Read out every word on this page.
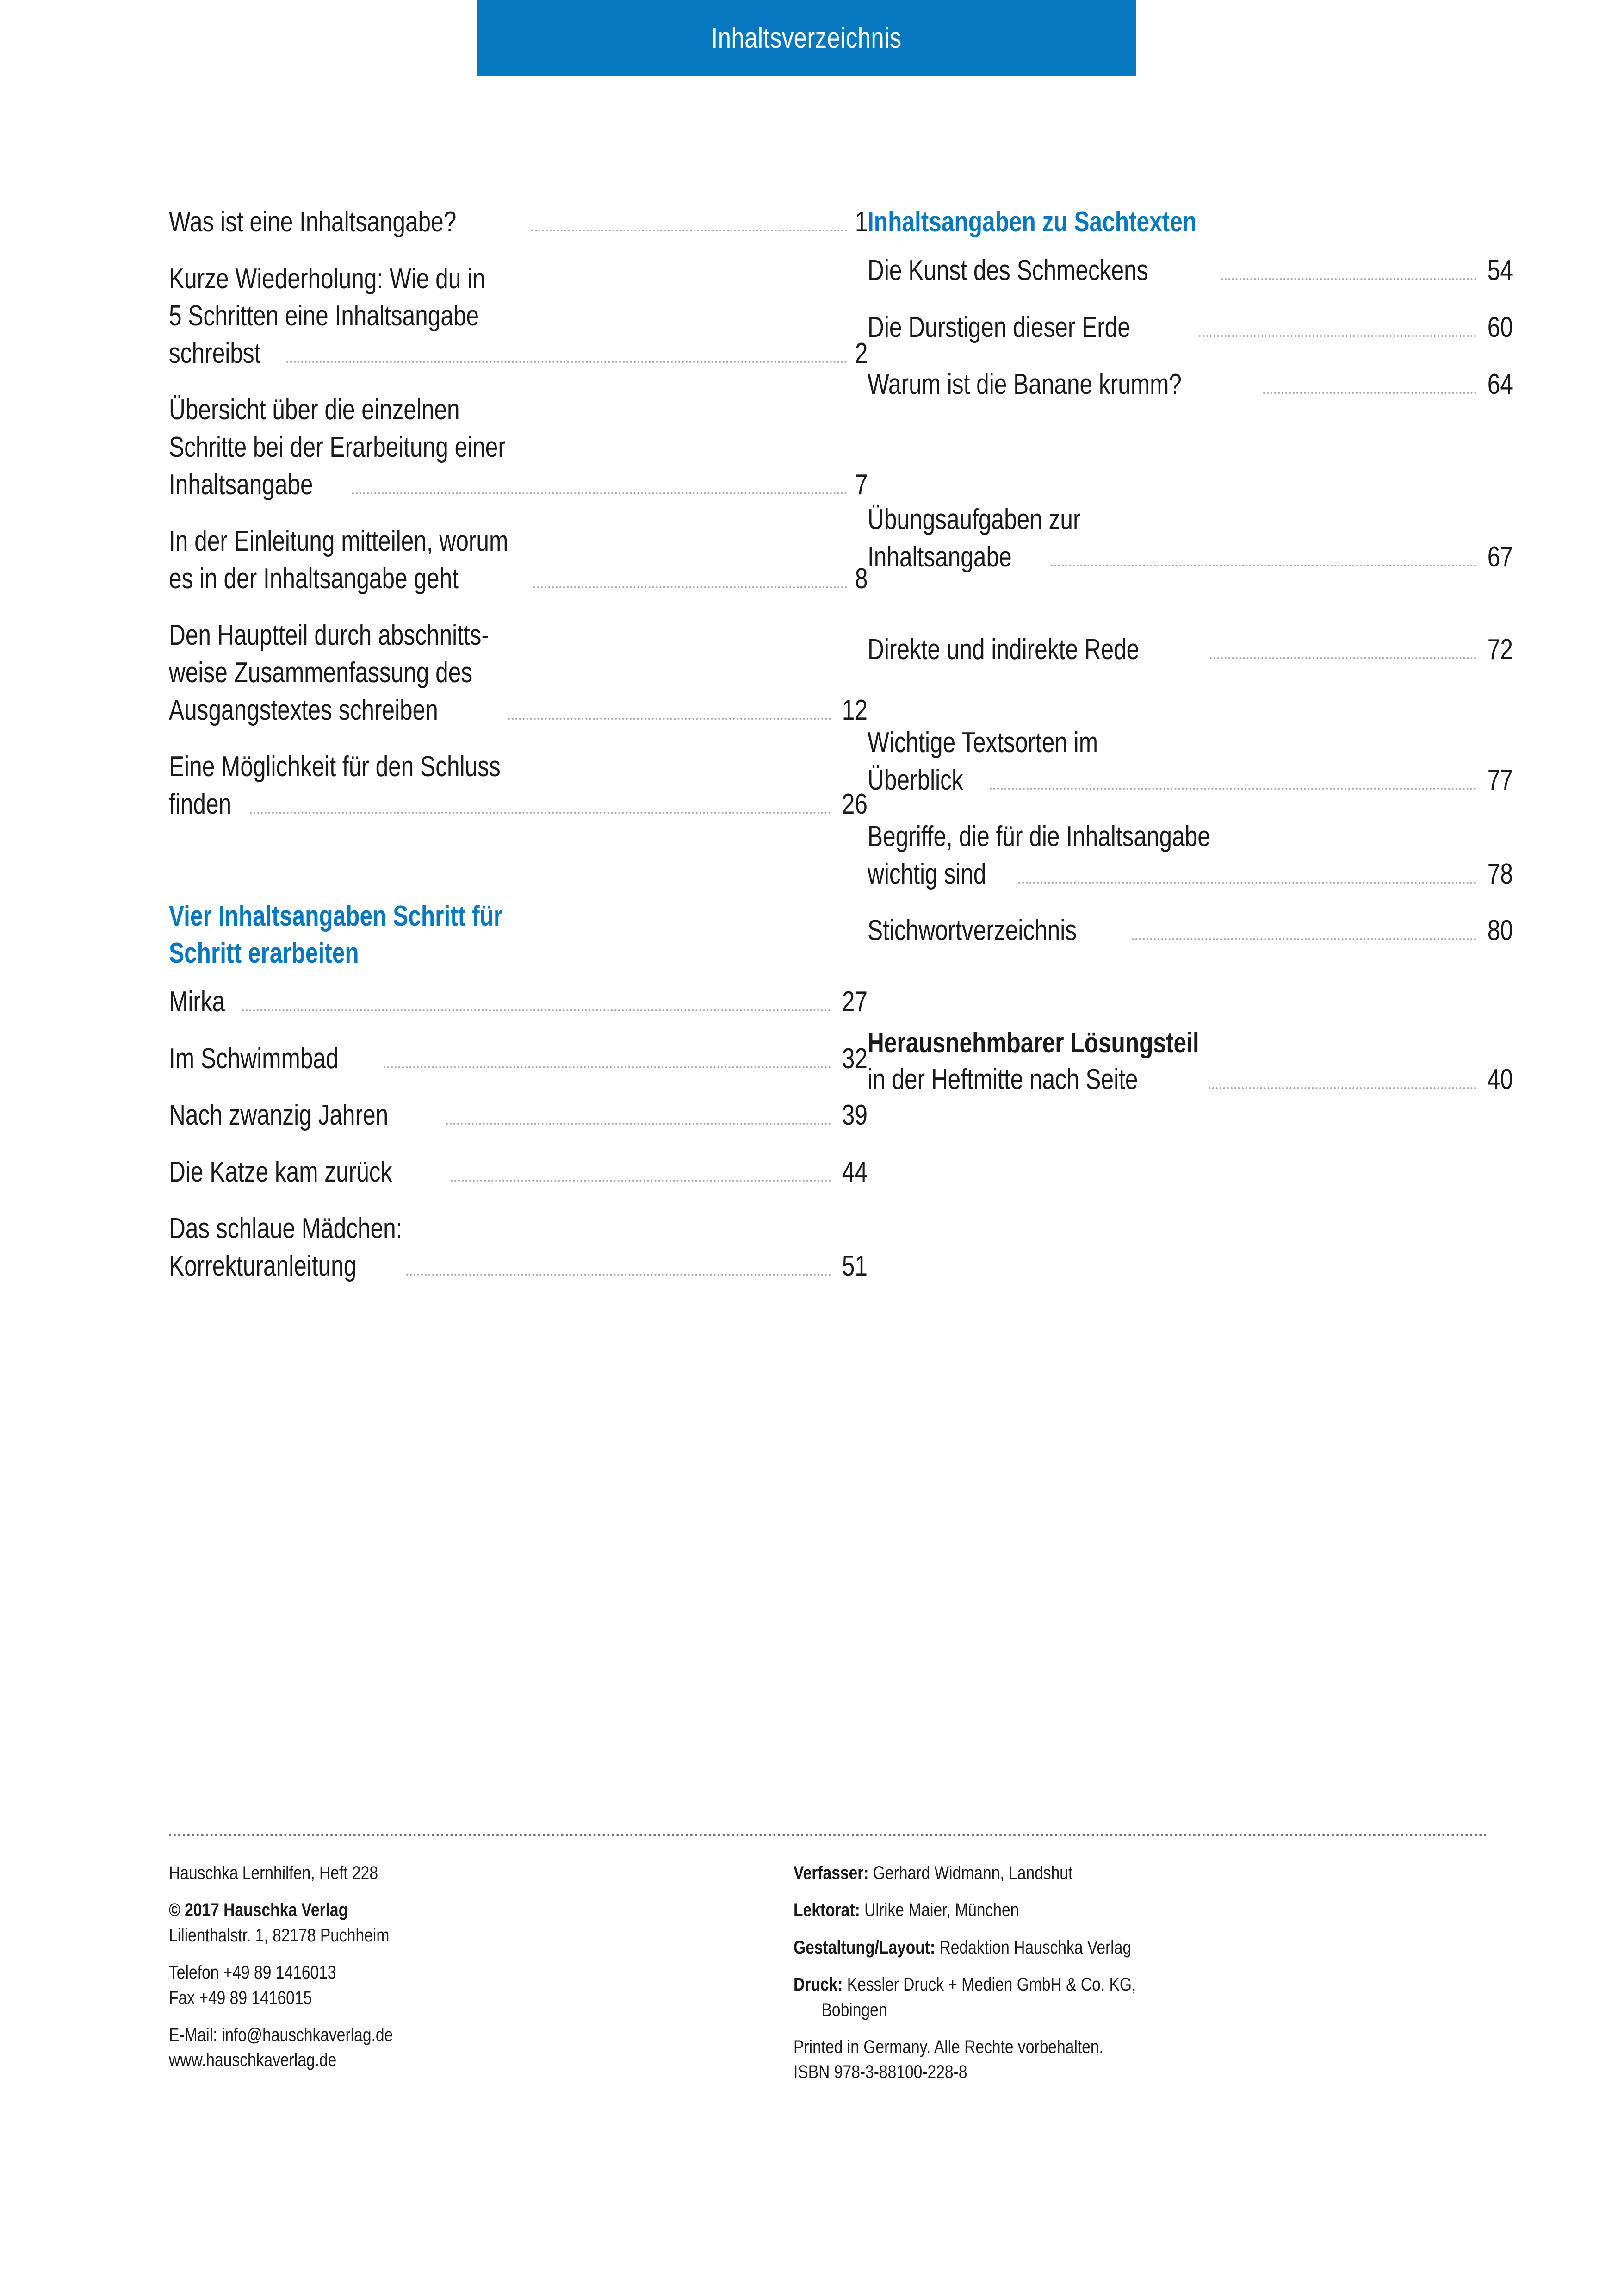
Inhaltsverzeichnis
Was ist eine Inhaltsangabe?	1
Kurze Wiederholung: Wie du in
5 Schritten eine Inhaltsangabe
schreibst	2
Übersicht über die einzelnen
Schritte bei der Erarbeitung einer
Inhaltsangabe	7
In der Einleitung mitteilen, worum
es in der Inhaltsangabe geht	8
Den Hauptteil durch abschnitts-
weise Zusammenfassung des
Ausgangstextes schreiben	12
Eine Möglichkeit für den Schluss
finden	26
Vier Inhaltsangaben Schritt für
Schritt erarbeiten
Mirka	27
Im Schwimmbad	32
Nach zwanzig Jahren	39
Die Katze kam zurück	44
Das schlaue Mädchen:
Korrekturanleitung	51
Inhaltsangaben zu Sachtexten
Die Kunst des Schmeckens	54
Die Durstigen dieser Erde	60
Warum ist die Banane krumm?	64
Übungsaufgaben zur
Inhaltsangabe	67
Direkte und indirekte Rede	72
Wichtige Textsorten im
Überblick	77
Begriffe, die für die Inhaltsangabe
wichtig sind	78
Stichwortverzeichnis	80
Herausnehmbarer Lösungsteil
in der Heftmitte nach Seite	40
Hauschka Lernhilfen, Heft 228
© 2017 Hauschka Verlag
Lilienthalstr. 1, 82178 Puchheim
Telefon +49 89 1416013
Fax +49 89 1416015
E-Mail: info@hauschkaverlag.de
www.hauschkaverlag.de
Verfasser: Gerhard Widmann, Landshut
Lektorat: Ulrike Maier, München
Gestaltung/Layout: Redaktion Hauschka Verlag
Druck: Kessler Druck + Medien GmbH & Co. KG,
Bobingen
Printed in Germany. Alle Rechte vorbehalten.
ISBN 978-3-88100-228-8
